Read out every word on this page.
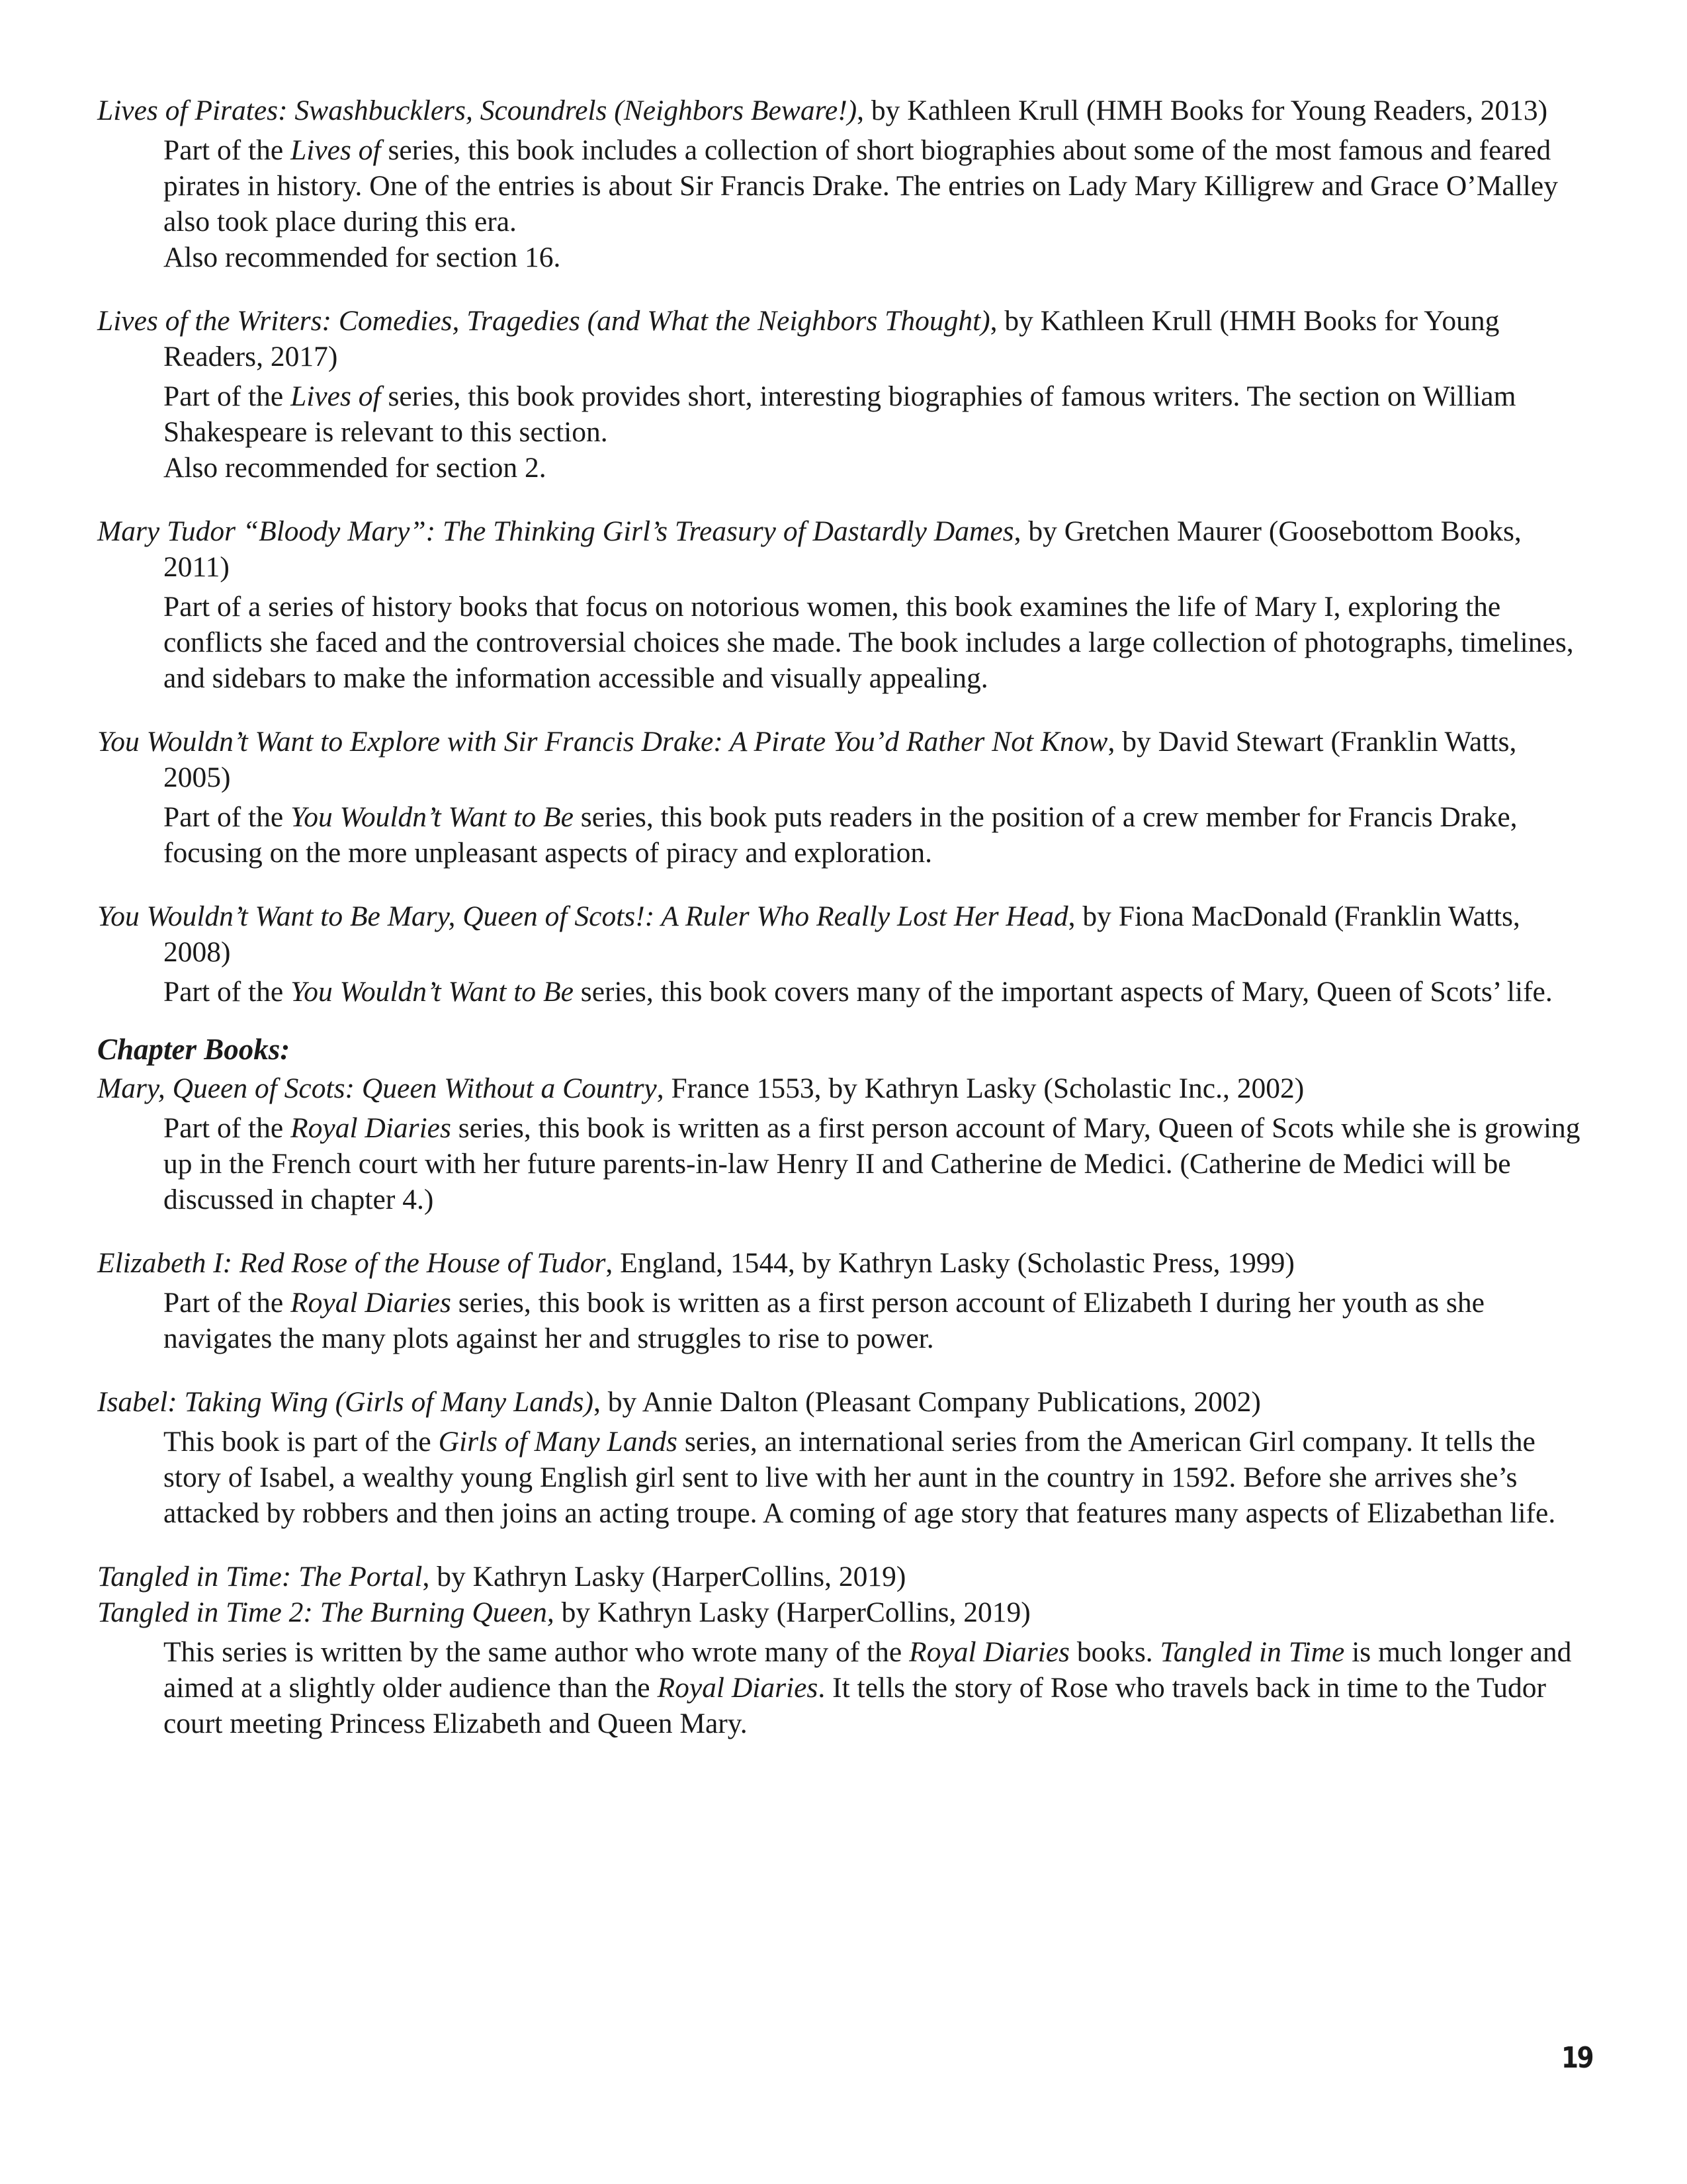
Lives of Pirates: Swashbucklers, Scoundrels (Neighbors Beware!), by Kathleen Krull (HMH Books for Young Readers, 2013)

Part of the Lives of series, this book includes a collection of short biographies about some of the most famous and feared pirates in history. One of the entries is about Sir Francis Drake. The entries on Lady Mary Killigrew and Grace O’Malley also took place during this era.

Also recommended for section 16.

Lives of the Writers: Comedies, Tragedies (and What the Neighbors Thought), by Kathleen Krull (HMH Books for Young Readers, 2017)

Part of the Lives of series, this book provides short, interesting biographies of famous writers. The section on William Shakespeare is relevant to this section.

Also recommended for section 2.

Mary Tudor “Bloody Mary”: The Thinking Girl’s Treasury of Dastardly Dames, by Gretchen Maurer (Goosebottom Books, 2011)

Part of a series of history books that focus on notorious women, this book examines the life of Mary I, exploring the conflicts she faced and the controversial choices she made. The book includes a large collection of photographs, timelines, and sidebars to make the information accessible and visually appealing.

You Wouldn’t Want to Explore with Sir Francis Drake: A Pirate You’d Rather Not Know, by David Stewart (Franklin Watts, 2005)

Part of the You Wouldn’t Want to Be series, this book puts readers in the position of a crew member for Francis Drake, focusing on the more unpleasant aspects of piracy and exploration.

You Wouldn’t Want to Be Mary, Queen of Scots!: A Ruler Who Really Lost Her Head, by Fiona MacDonald (Franklin Watts, 2008)

Part of the You Wouldn’t Want to Be series, this book covers many of the important aspects of Mary, Queen of Scots’ life.

Chapter Books:
Mary, Queen of Scots: Queen Without a Country, France 1553, by Kathryn Lasky (Scholastic Inc., 2002)

Part of the Royal Diaries series, this book is written as a first person account of Mary, Queen of Scots while she is growing up in the French court with her future parents-in-law Henry II and Catherine de Medici. (Catherine de Medici will be discussed in chapter 4.)

Elizabeth I: Red Rose of the House of Tudor, England, 1544, by Kathryn Lasky (Scholastic Press, 1999)

Part of the Royal Diaries series, this book is written as a first person account of Elizabeth I during her youth as she navigates the many plots against her and struggles to rise to power.

Isabel: Taking Wing (Girls of Many Lands), by Annie Dalton (Pleasant Company Publications, 2002)

This book is part of the Girls of Many Lands series, an international series from the American Girl company. It tells the story of Isabel, a wealthy young English girl sent to live with her aunt in the country in 1592. Before she arrives she’s attacked by robbers and then joins an acting troupe. A coming of age story that features many aspects of Elizabethan life.

Tangled in Time: The Portal, by Kathryn Lasky (HarperCollins, 2019)
Tangled in Time 2: The Burning Queen, by Kathryn Lasky (HarperCollins, 2019)

This series is written by the same author who wrote many of the Royal Diaries books. Tangled in Time is much longer and aimed at a slightly older audience than the Royal Diaries. It tells the story of Rose who travels back in time to the Tudor court meeting Princess Elizabeth and Queen Mary.

19
